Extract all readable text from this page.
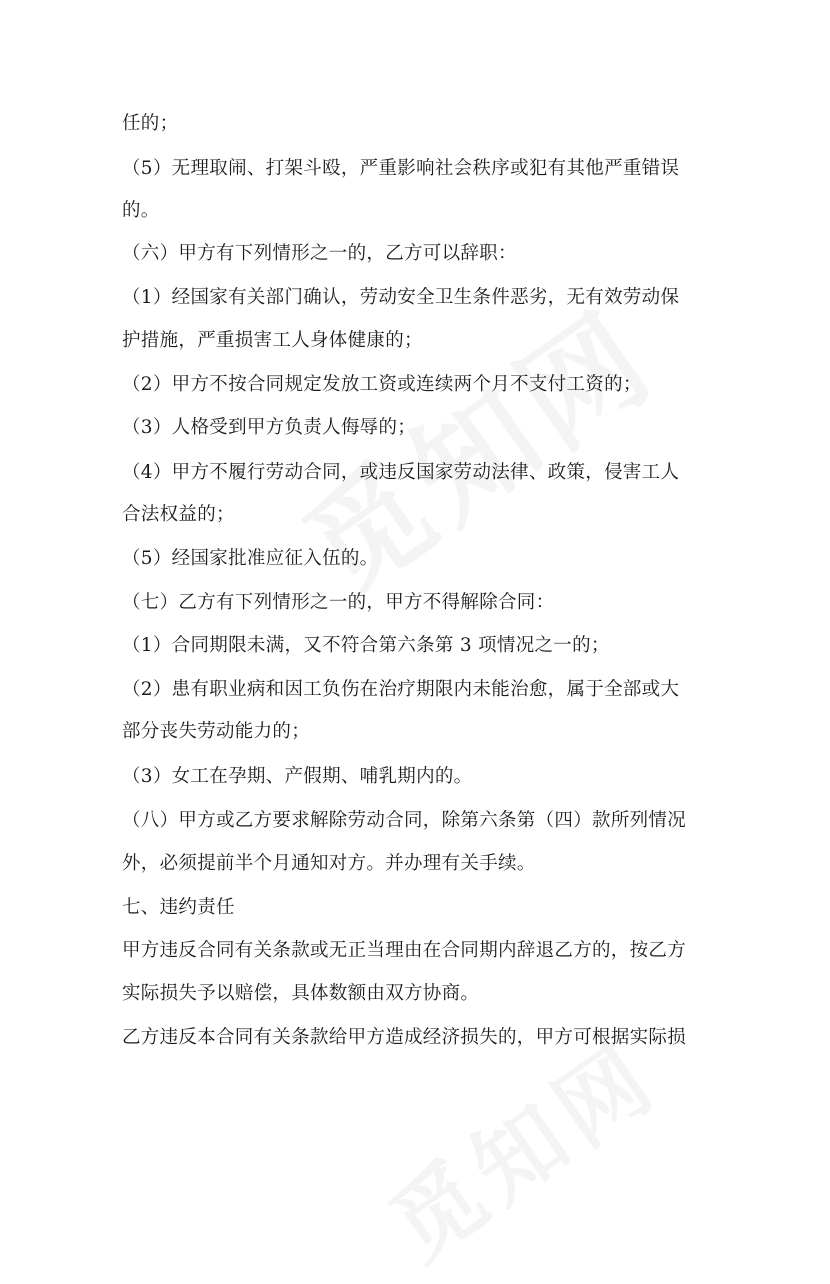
任的；
（5）无理取闹、打架斗殴，严重影响社会秩序或犯有其他严重错误
的。
（六）甲方有下列情形之一的，乙方可以辞职：
（1）经国家有关部门确认，劳动安全卫生条件恶劣，无有效劳动保
护措施，严重损害工人身体健康的；
（2）甲方不按合同规定发放工资或连续两个月不支付工资的；
（3）人格受到甲方负责人侮辱的；
（4）甲方不履行劳动合同，或违反国家劳动法律、政策，侵害工人
合法权益的；
（5）经国家批准应征入伍的。
（七）乙方有下列情形之一的，甲方不得解除合同：
（1）合同期限未满，又不符合第六条第 3 项情况之一的；
（2）患有职业病和因工负伤在治疗期限内未能治愈，属于全部或大
部分丧失劳动能力的；
（3）女工在孕期、产假期、哺乳期内的。
（八）甲方或乙方要求解除劳动合同，除第六条第（四）款所列情况
外，必须提前半个月通知对方。并办理有关手续。
七、违约责任
甲方违反合同有关条款或无正当理由在合同期内辞退乙方的，按乙方
实际损失予以赔偿，具体数额由双方协商。
乙方违反本合同有关条款给甲方造成经济损失的，甲方可根据实际损
